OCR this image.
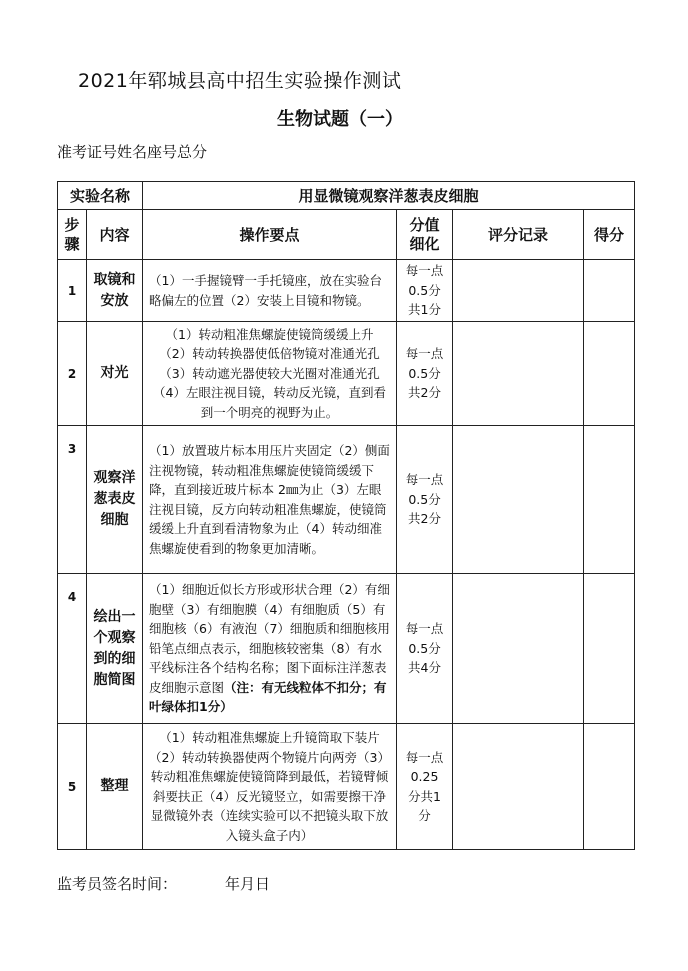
2021年郓城县高中招生实验操作测试
生物试题（一）
准考证号姓名座号总分
实验名称		用显微镜观察洋葱表皮细胞			
步骤	内容	操作要点	分值细化	评分记录	得分
1	取镜和安放	（1）一手握镜臂一手托镜座，放在实验台略偏左的位置（2）安装上目镜和物镜。	每一点
0.5分
共1分		
2	对光	（1）转动粗准焦螺旋使镜筒缓缓上升
（2）转动转换器使低倍物镜对准通光孔
（3）转动遮光器使较大光圈对准通光孔
（4）左眼注视目镜，转动反光镜，直到看到一个明亮的视野为止。	每一点
0.5分
共2分		
3	观察洋葱表皮细胞	（1）放置玻片标本用压片夹固定（2）侧面注视物镜，转动粗准焦螺旋使镜筒缓缓下降，直到接近玻片标本 2㎜为止（3）左眼注视目镜，反方向转动粗准焦螺旋，使镜筒缓缓上升直到看清物象为止（4）转动细准焦螺旋使看到的物象更加清晰。	每一点
0.5分
共2分		
4	绘出一个观察到的细胞简图	（1）细胞近似长方形或形状合理（2）有细胞壁（3）有细胞膜（4）有细胞质（5）有细胞核（6）有液泡（7）细胞质和细胞核用铅笔点细点表示，细胞核较密集（8）有水平线标注各个结构名称；图下面标注洋葱表皮细胞示意图（注：有无线粒体不扣分；有叶绿体扣1分）	每一点
0.5分
共4分		
5	整理	（1）转动粗准焦螺旋上升镜筒取下装片（2）转动转换器使两个物镜片向两旁（3）转动粗准焦螺旋使镜筒降到最低，若镜臂倾斜要扶正（4）反光镜竖立，如需要擦干净显微镜外表（连续实验可以不把镜头取下放入镜头盒子内）	每一点
0.25
分共1
分		
监考员签名时间：	年月日
